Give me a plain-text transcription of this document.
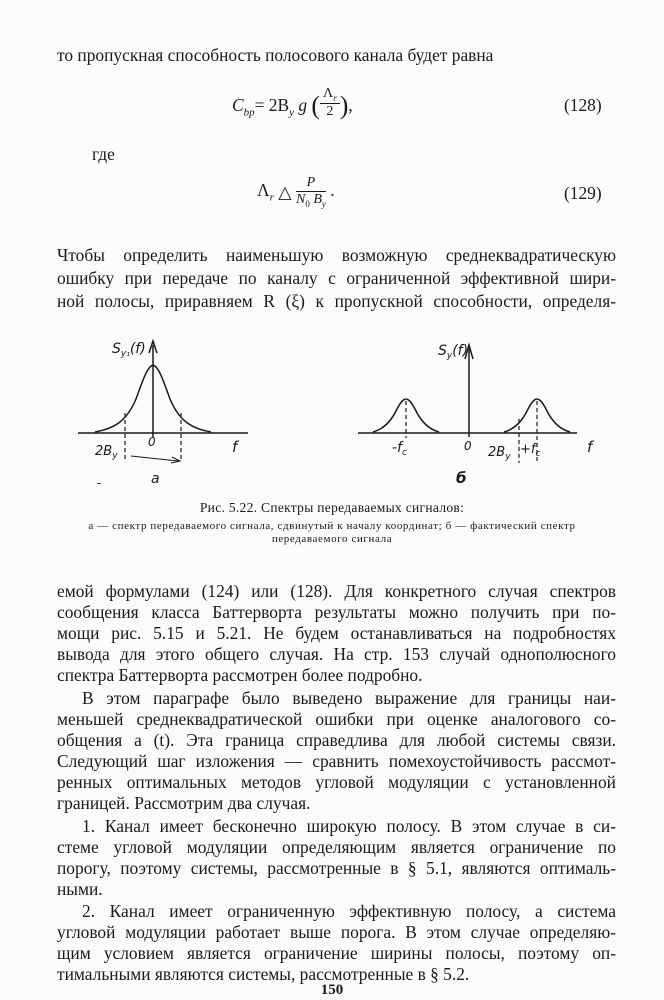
то пропускная способность полосового канала будет равна
$C_{bp}= 2B_y$ g ( $\frac{\Lambda_r}{2}$ ),	(128)
где
$\Lambda_r$ △ $\frac{P}{N_0 B_y}$ .	(129)
Чтобы определить наименьшую возможную среднеквадратическую
ошибку при передаче по каналу с ограниченной эффективной шири-
ной полосы, приравняем R (ξ) к пропускной способности, определя-
$S_{y_1}(f)$
f
0
$2B_y$
a
-
$S_y(f)$
f
0
$-f_c$	$2B_y +f_c$
б
Рис. 5.22. Спектры передаваемых сигналов:
a — спектр передаваемого сигнала, сдвинутый к началу координат; б — фактический спектр
передаваемого сигнала
емой формулами (124) или (128). Для конкретного случая спектров
сообщения класса Баттерворта результаты можно получить при по-
мощи рис. 5.15 и 5.21. Не будем останавливаться на подробностях
вывода для этого общего случая. На стр. 153 случай однополюсного
спектра Баттерворта рассмотрен более подробно.
В этом параграфе было выведено выражение для границы наи-
меньшей среднеквадратической ошибки при оценке аналогового со-
общения a (t). Эта граница справедлива для любой системы связи.
Следующий шаг изложения — сравнить помехоустойчивость рассмот-
ренных оптимальных методов угловой модуляции с установленной
границей. Рассмотрим два случая.
1. Канал имеет бесконечно широкую полосу. В этом случае в си-
стеме угловой модуляции определяющим является ограничение по
порогу, поэтому системы, рассмотренные в § 5.1, являются оптималь-
ными.
2. Канал имеет ограниченную эффективную полосу, а система
угловой модуляции работает выше порога. В этом случае определяю-
щим условием является ограничение ширины полосы, поэтому оп-
тимальными являются системы, рассмотренные в § 5.2.
150
